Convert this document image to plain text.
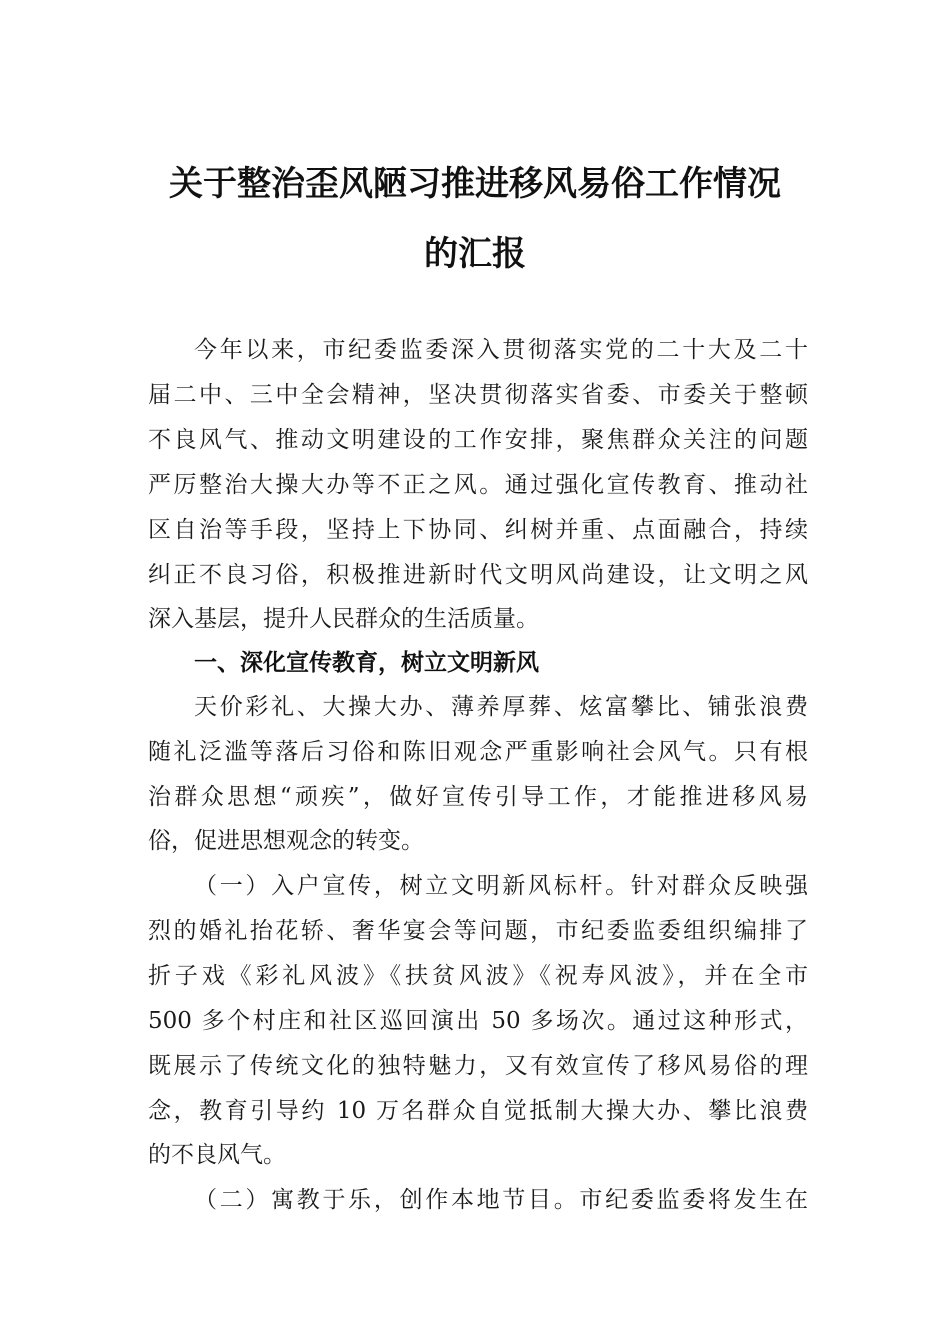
关于整治歪风陋习推进移风易俗工作情况
的汇报
今年以来，市纪委监委深入贯彻落实党的二十大及二十
届二中、三中全会精神，坚决贯彻落实省委、市委关于整顿
不良风气、推动文明建设的工作安排，聚焦群众关注的问题
严厉整治大操大办等不正之风。通过强化宣传教育、推动社
区自治等手段，坚持上下协同、纠树并重、点面融合，持续
纠正不良习俗，积极推进新时代文明风尚建设，让文明之风
深入基层，提升人民群众的生活质量。
一、深化宣传教育，树立文明新风
天价彩礼、大操大办、薄养厚葬、炫富攀比、铺张浪费
随礼泛滥等落后习俗和陈旧观念严重影响社会风气。只有根
治群众思想“顽疾”，做好宣传引导工作，才能推进移风易
俗，促进思想观念的转变。
（一）入户宣传，树立文明新风标杆。针对群众反映强
烈的婚礼抬花轿、奢华宴会等问题，市纪委监委组织编排了
折子戏《彩礼风波》《扶贫风波》《祝寿风波》，并在全市
500 多个村庄和社区巡回演出 50 多场次。通过这种形式，
既展示了传统文化的独特魅力，又有效宣传了移风易俗的理
念，教育引导约 10 万名群众自觉抵制大操大办、攀比浪费
的不良风气。
（二）寓教于乐，创作本地节目。市纪委监委将发生在
